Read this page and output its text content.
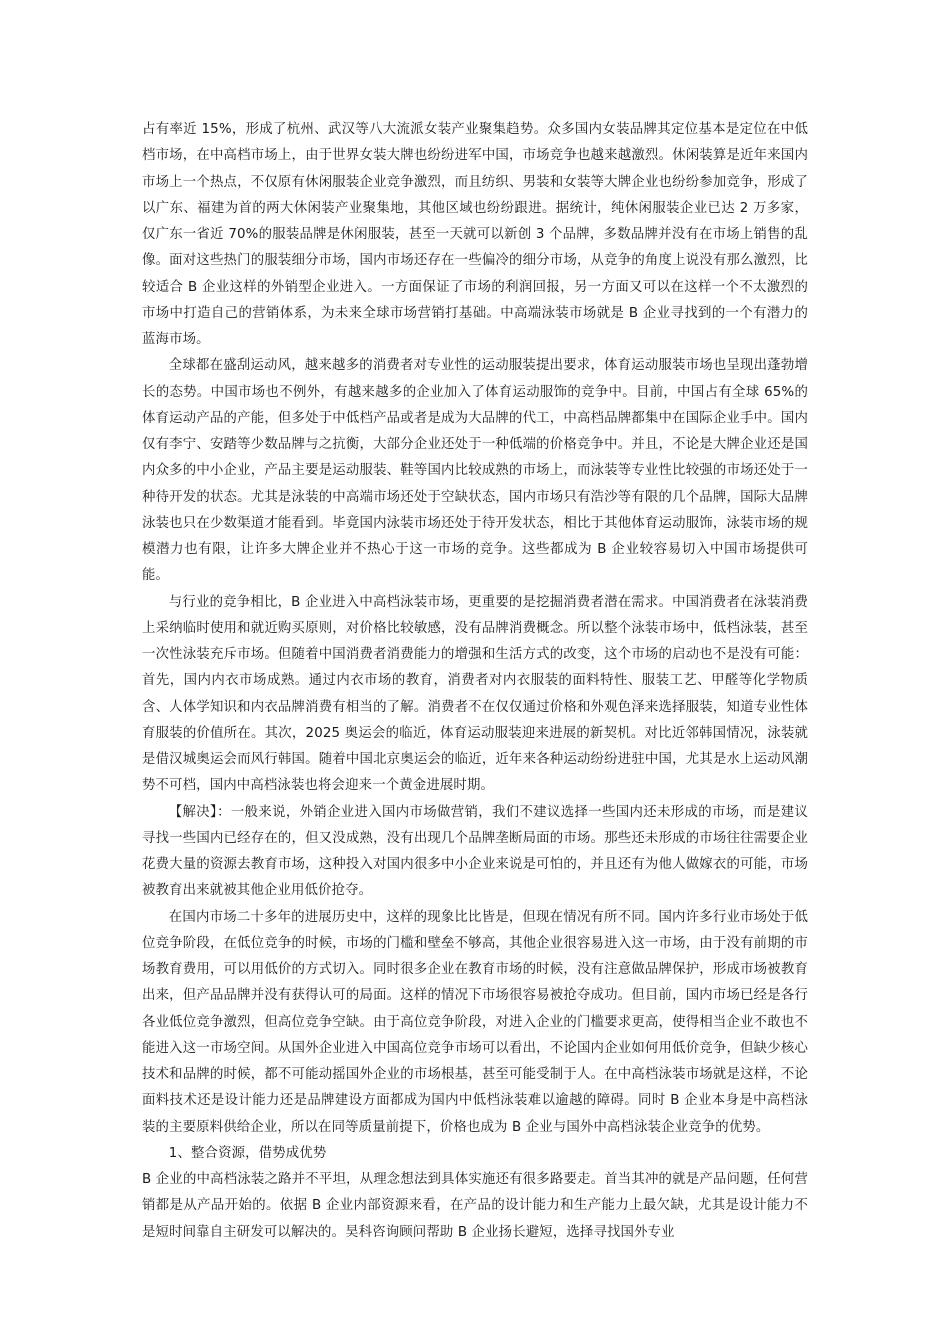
占有率近 15%，形成了杭州、武汉等八大流派女装产业聚集趋势。众多国内女装品牌其定位基本是定位在中低档市场，在中高档市场上，由于世界女装大牌也纷纷进军中国，市场竞争也越来越激烈。休闲装算是近年来国内市场上一个热点，不仅原有休闲服装企业竞争激烈，而且纺织、男装和女装等大牌企业也纷纷参加竞争，形成了以广东、福建为首的两大休闲装产业聚集地，其他区域也纷纷跟进。据统计，纯休闲服装企业已达 2 万多家，仅广东一省近 70%的服装品牌是休闲服装，甚至一天就可以新创 3 个品牌，多数品牌并没有在市场上销售的乱像。面对这些热门的服装细分市场，国内市场还存在一些偏冷的细分市场，从竞争的角度上说没有那么激烈，比较适合 B 企业这样的外销型企业进入。一方面保证了市场的利润回报，另一方面又可以在这样一个不太激烈的市场中打造自己的营销体系，为未来全球市场营销打基础。中高端泳装市场就是 B 企业寻找到的一个有潜力的蓝海市场。

全球都在盛刮运动风，越来越多的消费者对专业性的运动服装提出要求，体育运动服装市场也呈现出蓬勃增长的态势。中国市场也不例外，有越来越多的企业加入了体育运动服饰的竞争中。目前，中国占有全球 65%的体育运动产品的产能，但多处于中低档产品或者是成为大品牌的代工，中高档品牌都集中在国际企业手中。国内仅有李宁、安踏等少数品牌与之抗衡，大部分企业还处于一种低端的价格竞争中。并且，不论是大牌企业还是国内众多的中小企业，产品主要是运动服装、鞋等国内比较成熟的市场上，而泳装等专业性比较强的市场还处于一种待开发的状态。尤其是泳装的中高端市场还处于空缺状态，国内市场只有浩沙等有限的几个品牌，国际大品牌泳装也只在少数渠道才能看到。毕竟国内泳装市场还处于待开发状态，相比于其他体育运动服饰，泳装市场的规模潜力也有限，让许多大牌企业并不热心于这一市场的竞争。这些都成为 B 企业较容易切入中国市场提供可能。

与行业的竞争相比，B 企业进入中高档泳装市场，更重要的是挖掘消费者潜在需求。中国消费者在泳装消费上采纳临时使用和就近购买原则，对价格比较敏感，没有品牌消费概念。所以整个泳装市场中，低档泳装，甚至一次性泳装充斥市场。但随着中国消费者消费能力的增强和生活方式的改变，这个市场的启动也不是没有可能：首先，国内内衣市场成熟。通过内衣市场的教育，消费者对内衣服装的面料特性、服装工艺、甲醛等化学物质含、人体学知识和内衣品牌消费有相当的了解。消费者不在仅仅通过价格和外观色泽来选择服装，知道专业性体育服装的价值所在。其次，2025 奥运会的临近，体育运动服装迎来进展的新契机。对比近邻韩国情况，泳装就是借汉城奥运会而风行韩国。随着中国北京奥运会的临近，近年来各种运动纷纷进驻中国，尤其是水上运动风潮势不可档，国内中高档泳装也将会迎来一个黄金进展时期。

【解决】：一般来说，外销企业进入国内市场做营销，我们不建议选择一些国内还未形成的市场，而是建议寻找一些国内已经存在的，但又没成熟，没有出现几个品牌垄断局面的市场。那些还未形成的市场往往需要企业花费大量的资源去教育市场，这种投入对国内很多中小企业来说是可怕的，并且还有为他人做嫁衣的可能，市场被教育出来就被其他企业用低价抢夺。

在国内市场二十多年的进展历史中，这样的现象比比皆是，但现在情况有所不同。国内许多行业市场处于低位竞争阶段，在低位竞争的时候，市场的门槛和壁垒不够高，其他企业很容易进入这一市场，由于没有前期的市场教育费用，可以用低价的方式切入。同时很多企业在教育市场的时候，没有注意做品牌保护，形成市场被教育出来，但产品品牌并没有获得认可的局面。这样的情况下市场很容易被抢夺成功。但目前，国内市场已经是各行各业低位竞争激烈，但高位竞争空缺。由于高位竞争阶段，对进入企业的门槛要求更高，使得相当企业不敢也不能进入这一市场空间。从国外企业进入中国高位竞争市场可以看出，不论国内企业如何用低价竞争，但缺少核心技术和品牌的时候，都不可能动摇国外企业的市场根基，甚至可能受制于人。在中高档泳装市场就是这样，不论面料技术还是设计能力还是品牌建设方面都成为国内中低档泳装难以逾越的障碍。同时 B 企业本身是中高档泳装的主要原料供给企业，所以在同等质量前提下，价格也成为 B 企业与国外中高档泳装企业竞争的优势。

1、整合资源，借势成优势

B 企业的中高档泳装之路并不平坦，从理念想法到具体实施还有很多路要走。首当其冲的就是产品问题，任何营销都是从产品开始的。依据 B 企业内部资源来看，在产品的设计能力和生产能力上最欠缺，尤其是设计能力不是短时间靠自主研发可以解决的。昊科咨询顾问帮助 B 企业扬长避短，选择寻找国外专业
